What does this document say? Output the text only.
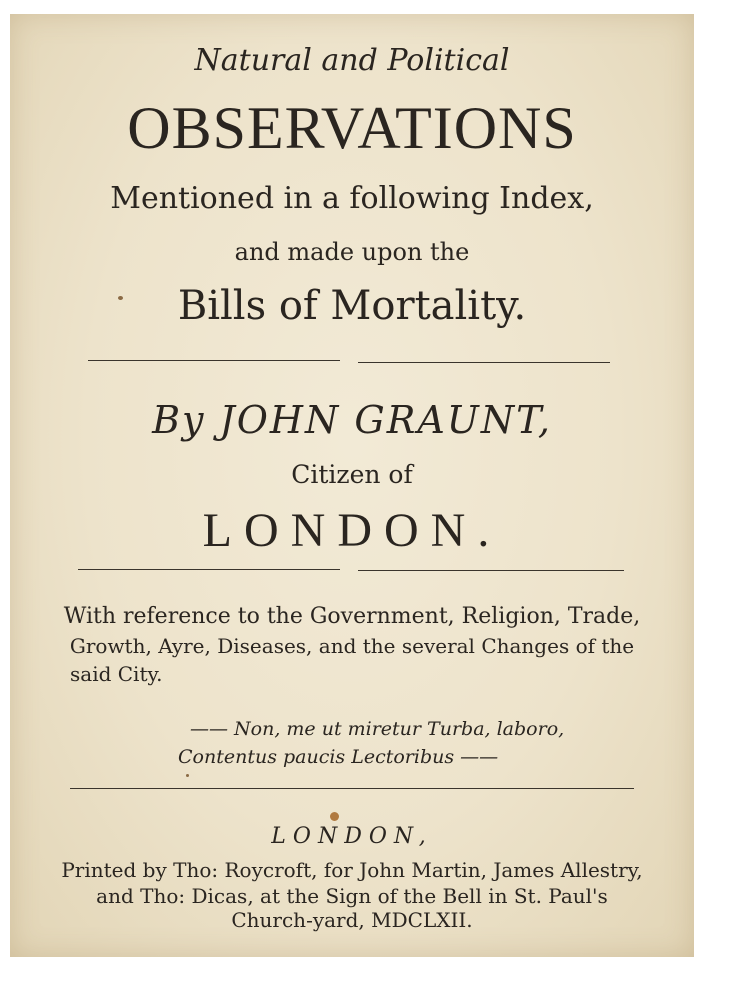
Natural and Political
OBSERVATIONS
Mentioned in a following Index,
and made upon the
Bills of Mortality.
By JOHN GRAUNT,
Citizen of
LONDON.
With reference to the Government, Religion, Trade,
Growth, Ayre, Diseases, and the several Changes of the
said City.
—— Non, me ut miretur Turba, laboro,
Contentus paucis Lectoribus ——
LONDON,
Printed by Tho: Roycroft, for John Martin, James Allestry,
and Tho: Dicas, at the Sign of the Bell in St. Paul's
Church-yard, MDCLXII.
